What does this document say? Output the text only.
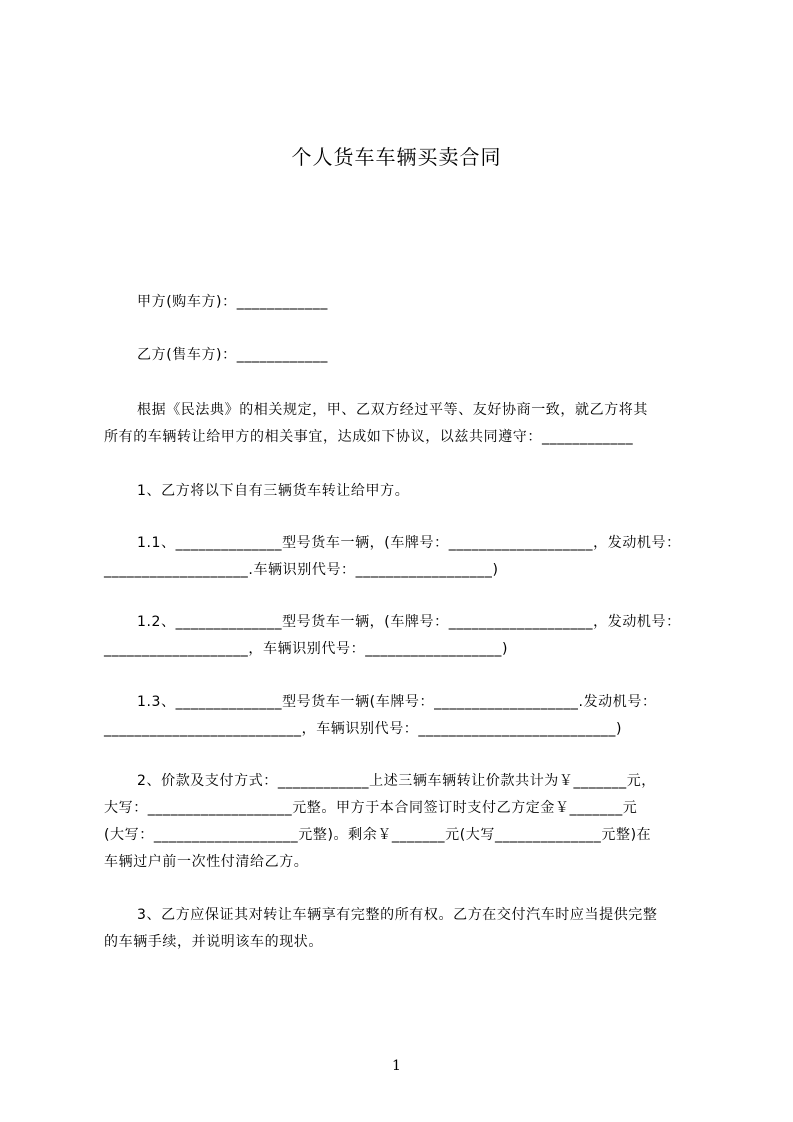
个人货车车辆买卖合同
甲方(购车方)：____________
乙方(售车方)：____________
根据《民法典》的相关规定，甲、乙双方经过平等、友好协商一致，就乙方将其
所有的车辆转让给甲方的相关事宜，达成如下协议，以兹共同遵守：____________
1、乙方将以下自有三辆货车转让给甲方。
1.1、______________型号货车一辆，(车牌号：___________________，发动机号：
___________________.车辆识别代号：__________________)
1.2、______________型号货车一辆，(车牌号：___________________，发动机号：
___________________，车辆识别代号：__________________)
1.3、______________型号货车一辆(车牌号：___________________.发动机号：
__________________________，车辆识别代号：__________________________)
2、价款及支付方式：____________上述三辆车辆转让价款共计为￥_______元，
大写：___________________元整。甲方于本合同签订时支付乙方定金￥_______元
(大写：___________________元整)。剩余￥_______元(大写______________元整)在
车辆过户前一次性付清给乙方。
3、乙方应保证其对转让车辆享有完整的所有权。乙方在交付汽车时应当提供完整
的车辆手续，并说明该车的现状。
1
